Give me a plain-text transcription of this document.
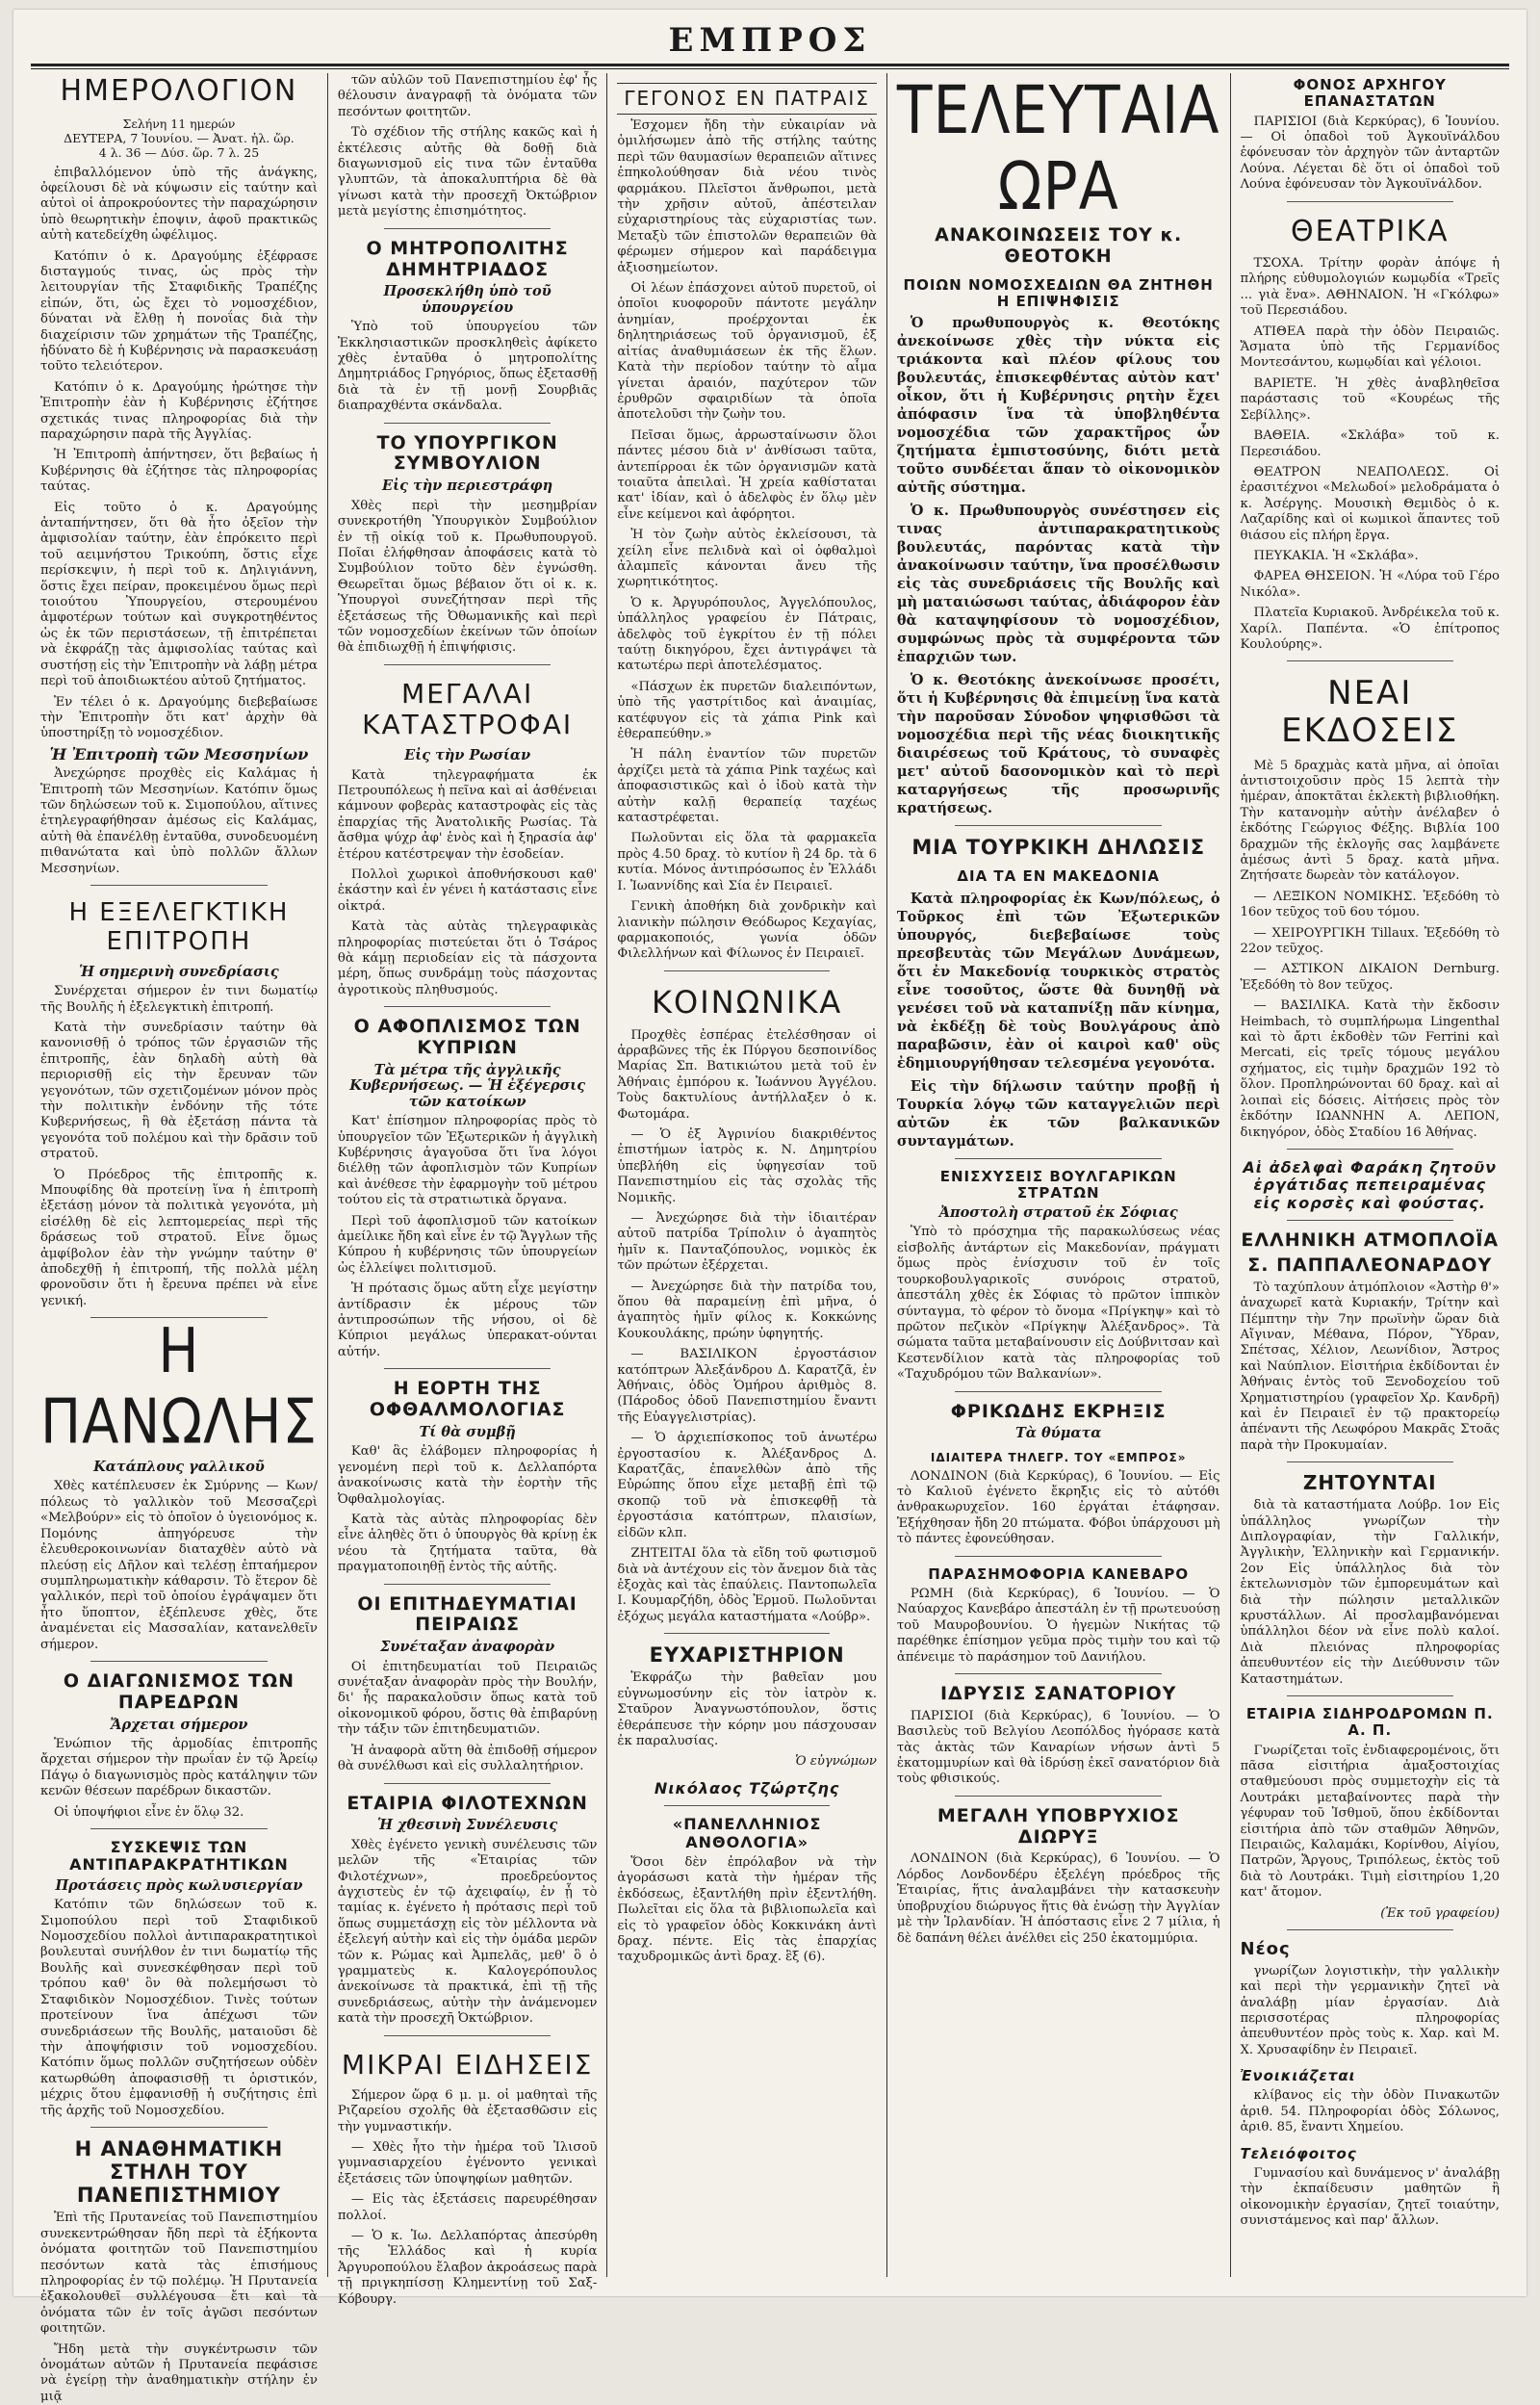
ΕΜΠΡΟΣ
ΗΜΕΡΟΛΟΓΙΟΝ
Σελήνη 11 ημερών
ΔΕΥΤΕΡΑ, 7 Ἰουνίου. — Ἀνατ. ἡλ. ὥρ.
4 λ. 36 — Δύσ. ὥρ. 7 λ. 25

ἐπιβαλλόμενον ὑπὸ τῆς ἀνάγκης, ὀφείλουσι δὲ νὰ κύψωσιν εἰς ταύτην καὶ αὐτοὶ οἱ ἀπροκρούοντες τὴν παραχώρησιν ὑπὸ θεωρητικὴν ἐποψιν, ἀφοῦ πρακτικῶς αὐτὴ κατεδείχθη ὠφέλιμος.

Κατόπιν ὁ κ. Δραγούμης ἐξέφρασε δισταγμούς τινας, ὡς πρὸς τὴν λειτουργίαν τῆς Σταφιδικῆς Τραπέζης εἰπών, ὅτι, ὡς ἔχει τὸ νομοσχέδιον, δύναται νὰ ἔλθῃ ἡ πονοΐας διὰ τὴν διαχείρισιν τῶν χρημάτων τῆς Τραπέζης, ἠδύνατο δὲ ἡ Κυβέρνησις νὰ παρασκευάσῃ τοῦτο τελειότερον.

Κατόπιν ὁ κ. Δραγούμης ἠρώτησε τὴν Ἐπιτροπὴν ἐὰν ἡ Κυβέρνησις ἐζήτησε σχετικάς τινας πληροφορίας διὰ τὴν παραχώρησιν παρὰ τῆς Ἀγγλίας.

Ἡ Ἐπιτροπὴ ἀπήντησεν, ὅτι βεβαίως ἡ Κυβέρνησις θὰ ἐζήτησε τὰς πληροφορίας ταύτας.

Εἰς τοῦτο ὁ κ. Δραγούμης ἀνταπήντησεν, ὅτι θὰ ἦτο ὀξεῖον τὴν ἀμφισολίαν ταύτην, ἐὰν ἐπρόκειτο περὶ τοῦ αειμνήστου Τρικούπη, ὅστις εἶχε περίσκεψιν, ἡ περὶ τοῦ κ. Δηλιγιάννη, ὅστις ἔχει πείραν, προκειμένου ὅμως περὶ τοιούτου Ὑπουργείου, στερουμένου ἀμφοτέρων τούτων καὶ συγκροτηθέντος ὡς ἐκ τῶν περιστάσεων, τῇ ἐπιτρέπεται νὰ ἐκφράζῃ τὰς ἀμφισολίας ταύτας καὶ συστήσῃ εἰς τὴν Ἐπιτροπὴν νὰ λάβῃ μέτρα περὶ τοῦ ἀποιδιωκτέου αὐτοῦ ζητήματος.

Ἐν τέλει ὁ κ. Δραγούμης διεβεβαίωσε τὴν Ἐπιτροπὴν ὅτι κατ' ἀρχὴν θὰ ὑποστηρίξῃ τὸ νομοσχέδιον.

Ἡ Ἐπιτροπὴ τῶν Μεσσηνίων

Ἀνεχώρησε προχθὲς εἰς Καλάμας ἡ Ἐπιτροπὴ τῶν Μεσσηνίων. Κατόπιν ὅμως τῶν δηλώσεων τοῦ κ. Σιμοπούλου, αἵτινες ἐτηλεγραφήθησαν ἀμέσως εἰς Καλάμας, αὐτὴ θὰ ἐπανέλθῃ ἐνταῦθα, συνοδευομένη πιθανώτατα καὶ ὑπὸ πολλῶν ἄλλων Μεσσηνίων.

Η ΕΞΕΛΕΓΚΤΙΚΗ ΕΠΙΤΡΟΠΗ
Ἡ σημερινὴ συνεδρίασις

Συνέρχεται σήμερον ἐν τινι δωματίῳ τῆς Βουλῆς ἡ ἐξελεγκτικὴ ἐπιτροπή.

Κατὰ τὴν συνεδρίασιν ταύτην θὰ κανονισθῇ ὁ τρόπος τῶν ἐργασιῶν τῆς ἐπιτροπῆς, ἐὰν δηλαδὴ αὐτὴ θὰ περιορισθῇ εἰς τὴν ἔρευναν τῶν γεγονότων, τῶν σχετιζομένων μόνον πρὸς τὴν πολιτικὴν ἐνδόνην τῆς τότε Κυβερνήσεως, ἢ θὰ ἐξετάσῃ πάντα τὰ γεγονότα τοῦ πολέμου καὶ τὴν δρᾶσιν τοῦ στρατοῦ.

Ὁ Πρόεδρος τῆς ἐπιτροπῆς κ. Μπουφίδης θὰ προτείνῃ ἵνα ἡ ἐπιτροπὴ ἐξετάσῃ μόνον τὰ πολιτικὰ γεγονότα, μὴ εἰσέλθῃ δὲ εἰς λεπτομερείας περὶ τῆς δράσεως τοῦ στρατοῦ. Εἶνε ὅμως ἀμφίβολον ἐὰν τὴν γνώμην ταύτην θ' ἀποδεχθῇ ἡ ἐπιτροπή, τῆς πολλὰ μέλη φρονοῦσιν ὅτι ἡ ἔρευνα πρέπει νὰ εἶνε γενική.

Η ΠΑΝΩΛΗΣ
Κατάπλους γαλλικοῦ

Χθὲς κατέπλευσεν ἐκ Σμύρνης — Κων/πόλεως τὸ γαλλικὸν τοῦ Μεσσαζερὶ «Μελβούρν» εἰς τὸ ὁποῖον ὁ ὑγειονόμος κ. Πομόνης ἀπηγόρευσε τὴν ἐλευθεροκοινωνίαν διαταχθὲν αὐτὸ νὰ πλεύσῃ εἰς Δῆλον καὶ τελέσῃ ἐπταήμερον συμπληρωματικὴν κάθαρσιν. Τὸ ἕτερον δὲ γαλλικόν, περὶ τοῦ ὁποίου ἐγράψαμεν ὅτι ἦτο ὕποπτον, ἐξέπλευσε χθὲς, ὅτε ἀναμένεται εἰς Μασσαλίαν, κατανελθεῖν σήμερον.

Ο ΔΙΑΓΩΝΙΣΜΟΣ ΤΩΝ ΠΑΡΕΔΡΩΝ
Ἄρχεται σήμερον

Ἐνώπιον τῆς ἁρμοδίας ἐπιτροπῆς ἄρχεται σήμερον τὴν πρωΐαν ἐν τῷ Ἀρείῳ Πάγῳ ὁ διαγωνισμὸς πρὸς κατάληψιν τῶν κενῶν θέσεων παρέδρων δικαστῶν.

Οἱ ὑποψήφιοι εἶνε ἐν ὅλῳ 32.

ΣΥΣΚΕΨΙΣ ΤΩΝ ΑΝΤΙΠΑΡΑΚΡΑΤΗΤΙΚΩΝ
Προτάσεις πρὸς κωλυσιεργίαν

Κατόπιν τῶν δηλώσεων τοῦ κ. Σιμοπούλου περὶ τοῦ Σταφιδικοῦ Νομοσχεδίου πολλοὶ ἀντιπαρακρατητικοὶ βουλευταὶ συνήλθον ἐν τινι δωματίῳ τῆς Βουλῆς καὶ συνεσκέφθησαν περὶ τοῦ τρόπου καθ' ὃν θὰ πολεμήσωσι τὸ Σταφιδικὸν Νομοσχέδιον. Τινὲς τούτων προτείνουν ἵνα ἀπέχωσι τῶν συνεδριάσεων τῆς Βουλῆς, ματαιοῦσι δὲ τὴν ἀποψήφισιν τοῦ νομοσχεδίου. Κατόπιν ὅμως πολλῶν συζητήσεων οὐδὲν κατωρθώθη ἀποφασισθῇ τι ὁριστικόν, μέχρις ὅτου ἐμφανισθῇ ἡ συζήτησις ἐπὶ τῆς ἀρχῆς τοῦ Νομοσχεδίου.

Η ΑΝΑΘΗΜΑΤΙΚΗ ΣΤΗΛΗ ΤΟΥ ΠΑΝΕΠΙΣΤΗΜΙΟΥ

Ἐπὶ τῆς Πρυτανείας τοῦ Πανεπιστημίου συνεκεντρώθησαν ἤδη περὶ τὰ ἑξήκοντα ὀνόματα φοιτητῶν τοῦ Πανεπιστημίου πεσόντων κατὰ τὰς ἐπισήμους πληροφορίας ἐν τῷ πολέμῳ. Ἡ Πρυτανεία ἐξακολουθεῖ συλλέγουσα ἔτι καὶ τὰ ὀνόματα τῶν ἐν τοῖς ἀγῶσι πεσόντων φοιτητῶν.

Ἤδη μετὰ τὴν συγκέντρωσιν τῶν ὀνομάτων αὐτῶν ἡ Πρυτανεία πεφάσισε νὰ ἐγείρῃ τὴν ἀναθηματικὴν στήλην ἐν μιᾷ

τῶν αὐλῶν τοῦ Πανεπιστημίου ἐφ' ἧς θέλουσιν ἀναγραφῇ τὰ ὀνόματα τῶν πεσόντων φοιτητῶν.

Τὸ σχέδιον τῆς στήλης κακῶς καὶ ἡ ἐκτέλεσις αὐτῆς θὰ δοθῇ διὰ διαγωνισμοῦ εἰς τινα τῶν ἐνταῦθα γλυπτῶν, τὰ ἀποκαλυπτήρια δὲ θὰ γίνωσι κατὰ τὴν προσεχῆ Ὀκτώβριον μετὰ μεγίστης ἐπισημότητος.

Ο ΜΗΤΡΟΠΟΛΙΤΗΣ ΔΗΜΗΤΡΙΑΔΟΣ
Προσεκλήθη ὑπὸ τοῦ ὑπουργείου

Ὑπὸ τοῦ ὑπουργείου τῶν Ἐκκλησιαστικῶν προσκληθεὶς ἀφίκετο χθὲς ἐνταῦθα ὁ μητροπολίτης Δημητριάδος Γρηγόριος, ὅπως ἐξετασθῇ διὰ τὰ ἐν τῇ μονῇ Σουρβιᾶς διαπραχθέντα σκάνδαλα.

ΤΟ ΥΠΟΥΡΓΙΚΟΝ ΣΥΜΒΟΥΛΙΟΝ
Εἰς τὴν περιεστράφη

Χθὲς περὶ τὴν μεσημβρίαν συνεκροτήθη Ὑπουργικὸν Συμβούλιον ἐν τῇ οἰκίᾳ τοῦ κ. Πρωθυπουργοῦ. Ποῖαι ἐλήφθησαν ἀποφάσεις κατὰ τὸ Συμβούλιον τοῦτο δὲν ἐγνώσθη. Θεωρεῖται ὅμως βέβαιον ὅτι οἱ κ. κ. Ὑπουργοὶ συνεζήτησαν περὶ τῆς ἐξετάσεως τῆς Ὀθωμανικῆς καὶ περὶ τῶν νομοσχεδίων ἐκείνων τῶν ὁποίων θὰ ἐπιδιωχθῇ ἡ ἐπιψήφισις.

ΜΕΓΑΛΑΙ ΚΑΤΑΣΤΡΟΦΑΙ
Εἰς τὴν Ρωσίαν

Κατὰ τηλεγραφήματα ἐκ Πετρουπόλεως ἡ πεῖνα καὶ αἱ ἀσθένειαι κάμνουν φοβερὰς καταστροφὰς εἰς τὰς ἐπαρχίας τῆς Ἀνατολικῆς Ρωσίας. Τὰ ἄσθμα ψύχρ ἀφ' ἑνὸς καὶ ἡ ξηρασία ἀφ' ἑτέρου κατέστρεψαν τὴν ἐσοδείαν.

Πολλοὶ χωρικοὶ ἀποθνήσκουσι καθ' ἑκάστην καὶ ἐν γένει ἡ κατάστασις εἶνε οἰκτρά.

Κατὰ τὰς αὐτὰς τηλεγραφικὰς πληροφορίας πιστεύεται ὅτι ὁ Τσάρος θὰ κάμῃ περιοδείαν εἰς τὰ πάσχοντα μέρη, ὅπως συνδράμῃ τοὺς πάσχοντας ἀγροτικοὺς πληθυσμούς.

Ο ΑΦΟΠΛΙΣΜΟΣ ΤΩΝ ΚΥΠΡΙΩΝ
Τὰ μέτρα τῆς ἀγγλικῆς Κυβερνήσεως. — Ἡ ἐξέγερσις τῶν κατοίκων

Κατ' ἐπίσημον πληροφορίας πρὸς τὸ ὑπουργεῖον τῶν Ἐξωτερικῶν ἡ ἀγγλικὴ Κυβέρνησις ἀγαγοῦσα ὅτι ἵνα λόγοι διέλθῃ τῶν ἀφοπλισμὸν τῶν Κυπρίων καὶ ἀνέθεσε τὴν ἐφαρμογὴν τοῦ μέτρου τούτου εἰς τὰ στρατιωτικὰ ὄργανα.

Περὶ τοῦ ἀφοπλισμοῦ τῶν κατοίκων ἀμείλικε ἤδη καὶ εἶνε ἐν τῷ Ἄγγλων τῆς Κύπρου ἡ κυβέρνησις τῶν ὑπουργείων ὡς ἐλλείψει πολιτισμοῦ.

Ἡ πρότασις ὅμως αὕτη εἶχε μεγίστην ἀντίδρασιν ἐκ μέρους τῶν ἀντιπροσώπων τῆς νήσου, οἱ δὲ Κύπριοι μεγάλως ὑπερακατ-ούνται αὐτήν.

Η ΕΟΡΤΗ ΤΗΣ ΟΦΘΑΛΜΟΛΟΓΙΑΣ
Τί θὰ συμβῇ

Καθ' ἃς ἐλάβομεν πληροφορίας ἡ γενομένη περὶ τοῦ κ. Δελλαπόρτα ἀνακοίνωσις κατὰ τὴν ἐορτὴν τῆς Ὀφθαλμολογίας.

Κατὰ τὰς αὐτὰς πληροφορίας δὲν εἶνε ἀληθὲς ὅτι ὁ ὑπουργὸς θὰ κρίνῃ ἐκ νέου τὰ ζητήματα ταῦτα, θὰ πραγματοποιηθῇ ἐντὸς τῆς αὐτῆς.

ΟΙ ΕΠΙΤΗΔΕΥΜΑΤΙΑΙ ΠΕΙΡΑΙΩΣ
Συνέταξαν ἀναφορὰν

Οἱ ἐπιτηδευματίαι τοῦ Πειραιῶς συνέταξαν ἀναφορὰν πρὸς τὴν Βουλήν, δι' ἧς παρακαλοῦσιν ὅπως κατὰ τοῦ οἰκονομικοῦ φόρου, ὅστις θὰ ἐπιβαρύνῃ τὴν τάξιν τῶν ἐπιτηδευματιῶν.

Ἡ ἀναφορὰ αὕτη θὰ ἐπιδοθῇ σήμερον θὰ συνέλθωσι καὶ εἰς συλλαλητήριον.

ΕΤΑΙΡΙΑ ΦΙΛΟΤΕΧΝΩΝ
Ἡ χθεσινὴ Συνέλευσις

Χθὲς ἐγένετο γενικὴ συνέλευσις τῶν μελῶν τῆς «Ἑταιρίας τῶν Φιλοτέχνων», προεδρεύοντος ἀγχιστεὺς ἐν τῷ ἀχειφαίῳ, ἐν ᾗ τὸ ταμίας κ. ἐγένετο ἡ πρότασις περὶ τοῦ ὅπως συμμετάσχῃ εἰς τὸν μέλλοντα νὰ ἐξελεγή αὐτὴν καὶ εἰς τὴν ὁμάδα μερῶν τῶν κ. Ρώμας καὶ Ἀμπελᾶς, μεθ' ὃ ὁ γραμματεὺς κ. Καλογερόπουλος ἀνεκοίνωσε τὰ πρακτικά, ἐπὶ τῇ τῆς συνεδριάσεως, αὐτὴν τὴν ἀνάμενομεν κατὰ τὴν προσεχῆ Ὀκτώβριον.

ΜΙΚΡΑΙ ΕΙΔΗΣΕΙΣ

Σήμερον ὥρᾳ 6 μ. μ. οἱ μαθηταὶ τῆς Ριζαρείου σχολῆς θὰ ἐξετασθῶσιν εἰς τὴν γυμναστικήν.

— Χθὲς ἦτο τὴν ἡμέρα τοῦ Ἰλισοῦ γυμνασιαρχείου ἐγένοντο γενικαὶ ἐξετάσεις τῶν ὑποψηφίων μαθητῶν.

— Εἰς τὰς ἐξετάσεις παρευρέθησαν πολλοί.

— Ὁ κ. Ἰω. Δελλαπόρτας ἀπεσύρθη τῆς Ἑλλάδος καὶ ἡ κυρία Ἀργυροπούλου ἔλαβον ἀκροάσεως παρὰ τῇ πριγκηπίσσῃ Κλημεντίνῃ τοῦ Σαξ-Κόβουργ.

ΓΕΓΟΝΟΣ ΕΝ ΠΑΤΡΑΙΣ

Ἐσχομεν ἤδη τὴν εὐκαιρίαν νὰ ὁμιλήσωμεν ἀπὸ τῆς στήλης ταύτης περὶ τῶν θαυμασίων θεραπειῶν αἵτινες ἐπηκολούθησαν διὰ νέου τινὸς φαρμάκου. Πλεῖστοι ἄνθρωποι, μετὰ τὴν χρῆσιν αὐτοῦ, ἀπέστειλαν εὐχαριστηρίους τὰς εὐχαριστίας των. Μεταξὺ τῶν ἐπιστολῶν θεραπειῶν θὰ φέρωμεν σήμερον καὶ παράδειγμα ἀξιοσημείωτον.

Οἱ λέων ἐπάσχονει αὐτοῦ πυρετοῦ, οἱ ὁποῖοι κυοφοροῦν πάντοτε μεγάλην ἀνημίαν, προέρχονται ἐκ δηλητηριάσεως τοῦ ὀργανισμοῦ, ἐξ αἰτίας ἀναθυμιάσεων ἐκ τῆς ἕλων. Κατὰ τὴν περίοδον ταύτην τὸ αἷμα γίνεται ἀραιόν, παχύτερον τῶν ἐρυθρῶν σφαιριδίων τὰ ὁποῖα ἀποτελοῦσι τὴν ζωὴν του.

Πεῖσαι ὅμως, ἀρρωσταίνωσιν ὅλοι πάντες μέσου διὰ ν' ἀνθίσωσι ταῦτα, ἀντεπίρροαι ἐκ τῶν ὀργανισμῶν κατὰ τοιαῦτα ἀπειλαὶ. Ἡ χρεία καθίσταται κατ' ἰδίαν, καὶ ὁ ἀδελφὸς ἐν ὅλῳ μὲν εἶνε κείμενοι καὶ ἀφόρητοι.

Ἡ τὸν ζωὴν αὐτὸς ἐκλείσουσι, τὰ χείλη εἶνε πελιδνὰ καὶ οἱ ὀφθαλμοὶ ἀλαμπεῖς κάνονται ἄνευ τῆς χωρητικότητος.

Ὁ κ. Ἀργυρόπουλος, Ἀγγελόπουλος, ὑπάλληλος γραφείου ἐν Πάτραις, ἀδελφὸς τοῦ ἐγκρίτου ἐν τῇ πόλει ταύτῃ δικηγόρου, ἔχει ἀντιγράψει τὰ κατωτέρω περὶ ἀποτελέσματος.

«Πάσχων ἐκ πυρετῶν διαλειπόντων, ὑπὸ τῆς γαστρίτιδος καὶ ἀναιμίας, κατέφυγον εἰς τὰ χάπια Pink καὶ ἐθεραπεύθην.»

Ἡ πάλη ἐναντίον τῶν πυρετῶν ἀρχίζει μετὰ τὰ χάπια Pink ταχέως καὶ ἀποφασιστικῶς καὶ ὁ ἰδοὺ κατὰ τὴν αὐτὴν καλῇ θεραπείᾳ ταχέως καταστρέφεται.

Πωλοῦνται εἰς ὅλα τὰ φαρμακεῖα πρὸς 4.50 δραχ. τὸ κυτίον ἢ 24 δρ. τὰ 6 κυτία. Μόνος ἀντιπρόσωπος ἐν Ἑλλάδι Ι. Ἰωαννίδης καὶ Σία ἐν Πειραιεῖ.

Γενικὴ ἀποθήκη διὰ χονδρικὴν καὶ λιανικὴν πώλησιν Θεόδωρος Κεχαγίας, φαρμακοποιός, γωνία ὁδῶν Φιλελλήνων καὶ Φίλωνος ἐν Πειραιεῖ.

ΚΟΙΝΩΝΙΚΑ

Προχθὲς ἐσπέρας ἐτελέσθησαν οἱ ἀρραβῶνες τῆς ἐκ Πύργου δεσποινίδος Μαρίας Σπ. Βατικιώτου μετὰ τοῦ ἐν Ἀθήναις ἐμπόρου κ. Ἰωάννου Ἀγγέλου. Τοὺς δακτυλίους ἀντήλλαξεν ὁ κ. Φωτομάρα.

— Ὁ ἐξ Ἀγρινίου διακριθέντος ἐπιστήμων ἰατρὸς κ. Ν. Δημητρίου ὑπεβλήθη εἰς ὑφηγεσίαν τοῦ Πανεπιστημίου εἰς τὰς σχολὰς τῆς Νομικῆς.

— Ἀνεχώρησε διὰ τὴν ἰδιαιτέραν αὐτοῦ πατρίδα Τρίπολιν ὁ ἀγαπητὸς ἡμῖν κ. Πανταζόπουλος, νομικὸς ἐκ τῶν πρώτων ἐξέρχεται.

— Ἀνεχώρησε διὰ τὴν πατρίδα του, ὅπου θὰ παραμείνῃ ἐπὶ μῆνα, ὁ ἀγαπητὸς ἡμῖν φίλος κ. Κοκκώνης Κουκουλάκης, πρώην ὑφηγητής.

— ΒΑΣΙΛΙΚΟΝ ἐργοστάσιον κατόπτρων Ἀλεξάνδρου Δ. Καρατζᾶ, ἐν Ἀθήναις, ὁδὸς Ὁμήρου ἀριθμὸς 8. (Πάροδος ὁδοῦ Πανεπιστημίου ἔναντι τῆς Εὐαγγελιστρίας).

— Ὁ ἀρχιεπίσκοπος τοῦ ἀνωτέρω ἐργοστασίου κ. Ἀλέξανδρος Δ. Καρατζᾶς, ἐπανελθὼν ἀπὸ τῆς Εὐρώπης ὅπου εἶχε μεταβῇ ἐπὶ τῷ σκοπῷ τοῦ νὰ ἐπισκεφθῇ τὰ ἐργοστάσια κατόπτρων, πλαισίων, εἰδῶν κλπ.

ΖΗΤΕΙΤΑΙ ὅλα τὰ εἴδη τοῦ φωτισμοῦ διὰ νὰ ἀντέχουν εἰς τὸν ἄνεμον διὰ τὰς ἑξοχὰς καὶ τὰς ἐπαύλεις. Παντοπωλεῖα Ι. Κουμαρζήδη, ὁδὸς Ἑρμοῦ. Πωλοῦνται ἐξόχως μεγάλα καταστήματα «Λούβρ».

ΕΥΧΑΡΙΣΤΗΡΙΟΝ

Ἐκφράζω τὴν βαθεῖαν μου εὐγνωμοσύνην εἰς τὸν ἰατρὸν κ. Σταῦρον Ἀναγνωστόπουλον, ὅστις ἐθεράπευσε τὴν κόρην μου πάσχουσαν ἐκ παραλυσίας.

Ὁ εὐγνώμων
Νικόλαος Τζώρτζης
«ΠΑΝΕΛΛΗΝΙΟΣ ΑΝΘΟΛΟΓΙΑ»

Ὅσοι δὲν ἐπρόλαβον νὰ τὴν ἀγοράσωσι κατὰ τὴν ἡμέραν τῆς ἐκδόσεως, ἐξαντλήθη πρὶν ἐξεντλήθη. Πωλεῖται εἰς ὅλα τὰ βιβλιοπωλεῖα καὶ εἰς τὸ γραφεῖον ὁδὸς Κοκκινάκη ἀντὶ δραχ. πέντε. Εἰς τὰς ἐπαρχίας ταχυδρομικῶς ἀντὶ δραχ. ἓξ (6).

ΤΕΛΕΥΤΑΙΑ ΩΡΑ
ΑΝΑΚΟΙΝΩΣΕΙΣ ΤΟΥ κ. ΘΕΟΤΟΚΗ
ΠΟΙΩΝ ΝΟΜΟΣΧΕΔΙΩΝ ΘΑ ΖΗΤΗΘΗ Η ΕΠΙΨΗΦΙΣΙΣ

Ὁ πρωθυπουργὸς κ. Θεοτόκης ἀνεκοίνωσε χθὲς τὴν νύκτα εἰς τριάκοντα καὶ πλέον φίλους του βουλευτάς, ἐπισκεφθέντας αὐτὸν κατ' οἶκον, ὅτι ἡ Κυβέρνησις ρητὴν ἔχει ἀπόφασιν ἵνα τὰ ὑποβληθέντα νομοσχέδια τῶν χαρακτῆρος ὧν ζητήματα ἐμπιστοσύνης, διότι μετὰ τοῦτο συνδέεται ἅπαν τὸ οἰκονομικὸν αὐτῆς σύστημα.

Ὁ κ. Πρωθυπουργὸς συνέστησεν εἰς τινας ἀντιπαρακρατητικοὺς βουλευτάς, παρόντας κατὰ τὴν ἀνακοίνωσιν ταύτην, ἵνα προσέλθωσιν εἰς τὰς συνεδριάσεις τῆς Βουλῆς καὶ μὴ ματαιώσωσι ταύτας, ἀδιάφορον ἐὰν θὰ καταψηφίσουν τὸ νομοσχέδιον, συμφώνως πρὸς τὰ συμφέροντα τῶν ἐπαρχιῶν των.

Ὁ κ. Θεοτόκης ἀνεκοίνωσε προσέτι, ὅτι ἡ Κυβέρνησις θὰ ἐπιμείνῃ ἵνα κατὰ τὴν παροῦσαν Σύνοδον ψηφισθῶσι τὰ νομοσχέδια περὶ τῆς νέας διοικητικῆς διαιρέσεως τοῦ Κράτους, τὸ συναφὲς μετ' αὐτοῦ δασονομικὸν καὶ τὸ περὶ καταργήσεως τῆς προσωρινῆς κρατήσεως.

ΜΙΑ ΤΟΥΡΚΙΚΗ ΔΗΛΩΣΙΣ
ΔΙΑ ΤΑ ΕΝ ΜΑΚΕΔΟΝΙΑ

Κατὰ πληροφορίας ἐκ Κων/πόλεως, ὁ Τοῦρκος ἐπὶ τῶν Ἐξωτερικῶν ὑπουργός, διεβεβαίωσε τοὺς πρεσβευτὰς τῶν Μεγάλων Δυνάμεων, ὅτι ἐν Μακεδονίᾳ τουρκικὸς στρατὸς εἶνε τοσοῦτος, ὥστε θὰ δυνηθῇ νὰ γενέσει τοῦ νὰ καταπνίξῃ πᾶν κίνημα, νὰ ἐκδέξῃ δὲ τοὺς Βουλγάρους ἀπὸ παραβῶσιν, ἐὰν οἱ καιροὶ καθ' οὓς ἐδημιουργήθησαν τελεσμένα γεγονότα.

Εἰς τὴν δήλωσιν ταύτην προβῇ ἡ Τουρκία λόγῳ τῶν καταγγελιῶν περὶ αὐτῶν ἐκ τῶν βαλκανικῶν συνταγμάτων.

ΕΝΙΣΧΥΣΕΙΣ ΒΟΥΛΓΑΡΙΚΩΝ ΣΤΡΑΤΩΝ
Ἀποστολὴ στρατοῦ ἐκ Σόφιας

Ὑπὸ τὸ πρόσχημα τῆς παρακωλύσεως νέας εἰσβολῆς ἀντάρτων εἰς Μακεδονίαν, πράγματι ὅμως πρὸς ἐνίσχυσιν τοῦ ἐν τοῖς τουρκοβουλγαρικοῖς συνόροις στρατοῦ, ἀπεστάλη χθὲς ἐκ Σόφιας τὸ πρῶτον ἱππικὸν σύνταγμα, τὸ φέρον τὸ ὄνομα «Πρίγκηψ» καὶ τὸ πρῶτον πεζικὸν «Πρίγκηψ Ἀλέξανδρος». Τὰ σώματα ταῦτα μεταβαίνουσιν εἰς Δούβνιτσαν καὶ Κεστενδίλιον κατὰ τὰς πληροφορίας τοῦ «Ταχυδρόμου τῶν Βαλκανίων».

ΦΡΙΚΩΔΗΣ ΕΚΡΗΞΙΣ
Τὰ θύματα
ΙΔΙΑΙΤΕΡΑ ΤΗΛΕΓΡ. ΤΟΥ «ΕΜΠΡΟΣ»

ΛΟΝΔΙΝΟΝ (διὰ Κερκύρας), 6 Ἰουνίου. — Εἰς τὸ Καλιοῦ ἐγένετο ἔκρηξις εἰς τὸ αὐτόθι ἀνθρακωρυχεῖον. 160 ἐργάται ἐτάφησαν. Ἐξήχθησαν ἤδη 20 πτώματα. Φόβοι ὑπάρχουσι μὴ τὸ πάντες ἐφονεύθησαν.

ΠΑΡΑΣΗΜΟΦΟΡΙΑ ΚΑΝΕΒΑΡΟ

ΡΩΜΗ (διὰ Κερκύρας), 6 Ἰουνίου. — Ὁ Ναύαρχος Κανεβάρο ἀπεστάλη ἐν τῇ πρωτευούσῃ τοῦ Μαυροβουνίου. Ὁ ἡγεμὼν Νικήτας τῷ παρέθηκε ἐπίσημον γεῦμα πρὸς τιμὴν του καὶ τῷ ἀπένειμε τὸ παράσημον τοῦ Δανιήλου.

ΙΔΡΥΣΙΣ ΣΑΝΑΤΟΡΙΟΥ

ΠΑΡΙΣΙΟΙ (διὰ Κερκύρας), 6 Ἰουνίου. — Ὁ Βασιλεὺς τοῦ Βελγίου Λεοπόλδος ἠγόρασε κατὰ τὰς ἀκτὰς τῶν Καναρίων νήσων ἀντὶ 5 ἑκατομμυρίων καὶ θὰ ἱδρύσῃ ἐκεῖ σανατόριον διὰ τοὺς φθισικούς.

ΜΕΓΑΛΗ ΥΠΟΒΡΥΧΙΟΣ ΔΙΩΡΥΞ

ΛΟΝΔΙΝΟΝ (διὰ Κερκύρας), 6 Ἰουνίου. — Ὁ Λόρδος Λονδονδέρυ ἐξελέγη πρόεδρος τῆς Ἑταιρίας, ἥτις ἀναλαμβάνει τὴν κατασκευὴν ὑποβρυχίου διώρυγος ἥτις θὰ ἑνώσῃ τὴν Ἀγγλίαν μὲ τὴν Ἰρλανδίαν. Ἡ ἀπόστασις εἶνε 2 7 μίλια, ἡ δὲ δαπάνη θέλει ἀνέλθει εἰς 250 ἑκατομμύρια.

ΦΟΝΟΣ ΑΡΧΗΓΟΥ ΕΠΑΝΑΣΤΑΤΩΝ

ΠΑΡΙΣΙΟΙ (διὰ Κερκύρας), 6 Ἰουνίου. — Οἱ ὁπαδοὶ τοῦ Ἀγκουϊνάλδου ἐφόνευσαν τὸν ἀρχηγὸν τῶν ἀνταρτῶν Λούνα. Λέγεται δὲ ὅτι οἱ ὁπαδοὶ τοῦ Λούνα ἐφόνευσαν τὸν Ἀγκουϊνάλδον.

ΘΕΑΤΡΙΚΑ

ΤΣΟΧΑ. Τρίτην φορὰν ἀπόψε ἡ πλήρης εὐθυμολογιών κωμῳδία «Τρεῖς ... γιὰ ἕνα». ΑΘΗΝΑΙΟΝ. Ἡ «Γκόλφω» τοῦ Περεσιάδου.

ΑΤΙΘΕΑ παρὰ τὴν ὁδὸν Πειραιῶς. Ἄσματα ὑπὸ τῆς Γερμανίδος Μοντεσάντου, κωμῳδίαι καὶ γέλοιοι.

ΒΑΡΙΕΤΕ. Ἡ χθὲς ἀναβληθεῖσα παράστασις τοῦ «Κουρέως τῆς Σεβίλλης».

ΒΑΘΕΙΑ. «Σκλάβα» τοῦ κ. Περεσιάδου.

ΘΕΑΤΡΟΝ ΝΕΑΠΟΛΕΩΣ. Οἱ ἐρασιτέχνοι «Μελωδοί» μελοδράματα ὁ κ. Ἀσέργης. Μουσικὴ Θεμιδὸς ὁ κ. Λαζαρίδης καὶ οἱ κωμικοὶ ἅπαντες τοῦ θιάσου εἰς πλήρη ἔργα.

ΠΕΥΚΑΚΙΑ. Ἡ «Σκλάβα».

ΦΑΡΕΑ ΘΗΣΕΙΟΝ. Ἡ «Λύρα τοῦ Γέρο Νικόλα».

Πλατεῖα Κυριακοῦ. Ἀνδρέικελα τοῦ κ. Χαρίλ. Παπέντα. «Ὁ ἐπίτροπος Κουλούρης».

ΝΕΑΙ ΕΚΔΟΣΕΙΣ

Μὲ 5 δραχμὰς κατὰ μῆνα, αἱ ὁποῖαι ἀντιστοιχοῦσιν πρὸς 15 λεπτὰ τὴν ἡμέραν, ἀποκτᾶται ἐκλεκτὴ βιβλιοθήκη. Τὴν κατανομὴν αὐτὴν ἀνέλαβεν ὁ ἐκδότης Γεώργιος Φέξης. Βιβλία 100 δραχμῶν τῆς ἐκλογῆς σας λαμβάνετε ἀμέσως ἀντὶ 5 δραχ. κατὰ μῆνα. Ζητήσατε δωρεὰν τὸν κατάλογον.

— ΛΕΞΙΚΟΝ ΝΟΜΙΚΗΣ. Ἐξεδόθη τὸ 16ον τεῦχος τοῦ 6ου τόμου.

— ΧΕΙΡΟΥΡΓΙΚΗ Tillaux. Ἐξεδόθη τὸ 22ον τεῦχος.

— ΑΣΤΙΚΟΝ ΔΙΚΑΙΟΝ Dernburg. Ἐξεδόθη τὸ 8ον τεῦχος.

— ΒΑΣΙΛΙΚΑ. Κατὰ τὴν ἔκδοσιν Heimbach, τὸ συμπλήρωμα Lingenthal καὶ τὸ ἄρτι ἐκδοθὲν τῶν Ferrini καὶ Mercati, εἰς τρεῖς τόμους μεγάλου σχήματος, εἰς τιμὴν δραχμῶν 192 τὸ ὅλον. Προπληρώνονται 60 δραχ. καὶ αἱ λοιπαὶ εἰς δόσεις. Αἰτήσεις πρὸς τὸν ἐκδότην ΙΩΑΝΝΗΝ Α. ΛΕΠΟΝ, δικηγόρον, ὁδὸς Σταδίου 16 Ἀθήνας.

Αἱ ἀδελφαὶ Φαράκη ζητοῦν ἐργάτιδας πεπειραμένας εἰς κορσὲς καὶ φούστας.
ΕΛΛΗΝΙΚΗ ΑΤΜΟΠΛΟΪΑ
Σ. ΠΑΠΠΑΛΕΟΝΑΡΔΟΥ

Τὸ ταχύπλουν ἀτμόπλοιον «Ἀστὴρ θ'» ἀναχωρεῖ κατὰ Κυριακήν, Τρίτην καὶ Πέμπτην τὴν 7ην πρωϊνὴν ὥραν διὰ Αἴγιναν, Μέθανα, Πόρον, Ὕδραν, Σπέτσας, Χέλιον, Λεωνίδιον, Ἄστρος καὶ Ναύπλιον. Εἰσιτήρια ἐκδίδονται ἐν Ἀθήναις ἐντὸς τοῦ Ξενοδοχείου τοῦ Χρηματιστηρίου (γραφεῖον Χρ. Κανδρῆ) καὶ ἐν Πειραιεῖ ἐν τῷ πρακτορείῳ ἀπέναντι τῆς Λεωφόρου Μακρᾶς Στοᾶς παρὰ τὴν Προκυμαίαν.

ΖΗΤΟΥΝΤΑΙ

διὰ τὰ καταστήματα Λούβρ. 1ον Εἰς ὑπάλληλος γνωρίζων τὴν Διπλογραφίαν, τὴν Γαλλικήν, Ἀγγλικὴν, Ἑλληνικὴν καὶ Γερμανικήν. 2ον Εἰς ὑπάλληλος διὰ τὸν ἑκτελωνισμὸν τῶν ἐμπορευμάτων καὶ διὰ τὴν πώλησιν μεταλλικῶν κρυστάλλων. Αἱ προσλαμβανόμεναι ὑπάλληλοι δέον νὰ εἶνε πολὺ καλοί. Διὰ πλειόνας πληροφορίας ἀπευθυντέον εἰς τὴν Διεύθυνσιν τῶν Καταστημάτων.

ΕΤΑΙΡΙΑ ΣΙΔΗΡΟΔΡΟΜΩΝ Π. Α. Π.

Γνωρίζεται τοῖς ἐνδιαφερομένοις, ὅτι πᾶσα εἰσιτήρια ἀμαξοστοιχίας σταθμεύουσι πρὸς συμμετοχὴν εἰς τὰ Λουτράκι μεταβαίνοντες παρὰ τὴν γέφυραν τοῦ Ἰσθμοῦ, ὅπου ἐκδίδονται εἰσιτήρια ἀπὸ τῶν σταθμῶν Ἀθηνῶν, Πειραιῶς, Καλαμάκι, Κορίνθου, Αἰγίου, Πατρῶν, Ἄργους, Τριπόλεως, ἐκτὸς τοῦ διὰ τὸ Λουτράκι. Τιμὴ εἰσιτηρίου 1,20 κατ' ἄτομον.

(Ἐκ τοῦ γραφείου)
Νέος

γνωρίζων λογιστικὴν, τὴν γαλλικὴν καὶ περὶ τὴν γερμανικὴν ζητεῖ νὰ ἀναλάβῃ μίαν ἐργασίαν. Διὰ περισσοτέρας πληροφορίας ἀπευθυντέον πρὸς τοὺς κ. Χαρ. καὶ Μ. Χ. Χρυσαφίδην ἐν Πειραιεῖ.

Ἐνοικιάζεται

κλίβανος εἰς τὴν ὁδὸν Πινακωτῶν ἀριθ. 54. Πληροφορίαι ὁδὸς Σόλωνος, ἀριθ. 85, ἔναντι Χημείου.

Τελειόφοιτος

Γυμνασίου καὶ δυνάμενος ν' ἀναλάβῃ τὴν ἐκπαίδευσιν μαθητῶν ἢ οἰκονομικὴν ἐργασίαν, ζητεῖ τοιαύτην, συνιστάμενος καὶ παρ' ἄλλων.
